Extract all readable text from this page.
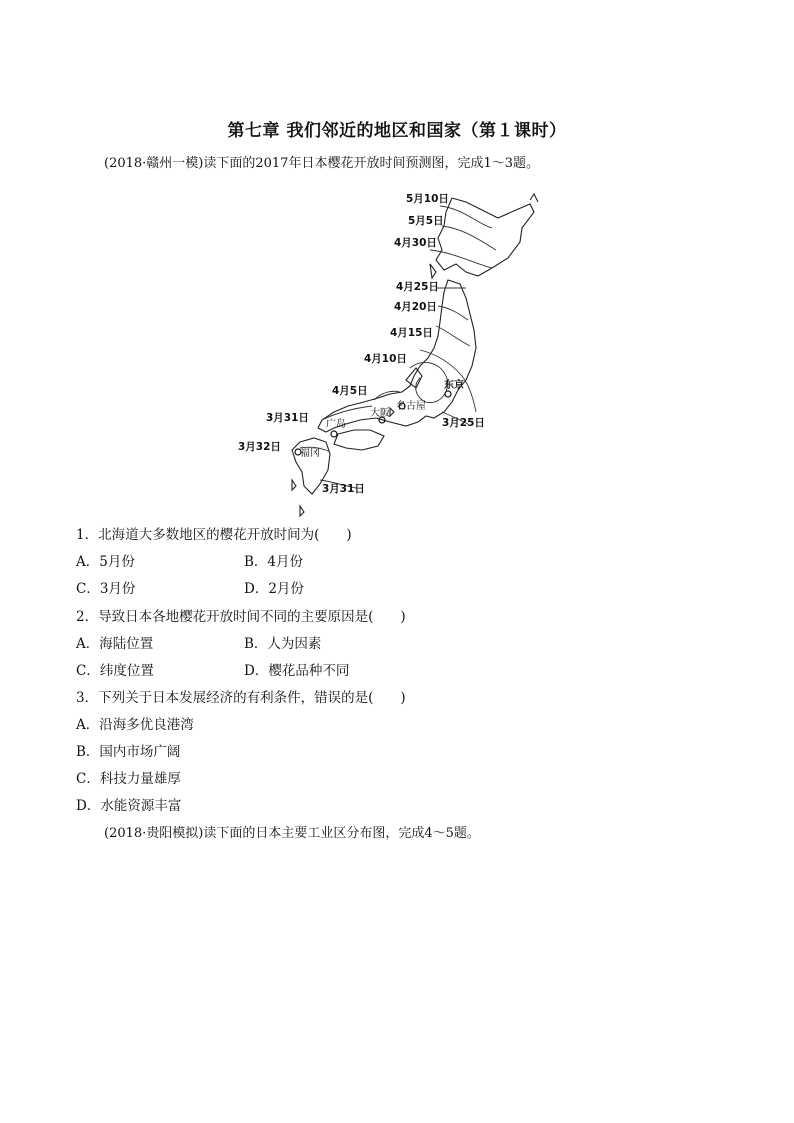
第七章 我们邻近的地区和国家（第１课时）
(2018·赣州一模)读下面的2017年日本樱花开放时间预测图，完成1～3题。
5月10日
5月5日
4月30日
4月25日
4月20日
4月15日
4月10日
4月5日
3月31日
3月32日
3月31日
3月25日
东京
名古屋
大阪
广岛
福冈
1．北海道大多数地区的樱花开放时间为(　　)
A．5月份	B．4月份
C．3月份	D．2月份
2．导致日本各地樱花开放时间不同的主要原因是(　　)
A．海陆位置	B．人为因素
C．纬度位置	D．樱花品种不同
3．下列关于日本发展经济的有利条件，错误的是(　　)
A．沿海多优良港湾
B．国内市场广阔
C．科技力量雄厚
D．水能资源丰富
(2018·贵阳模拟)读下面的日本主要工业区分布图，完成4～5题。
